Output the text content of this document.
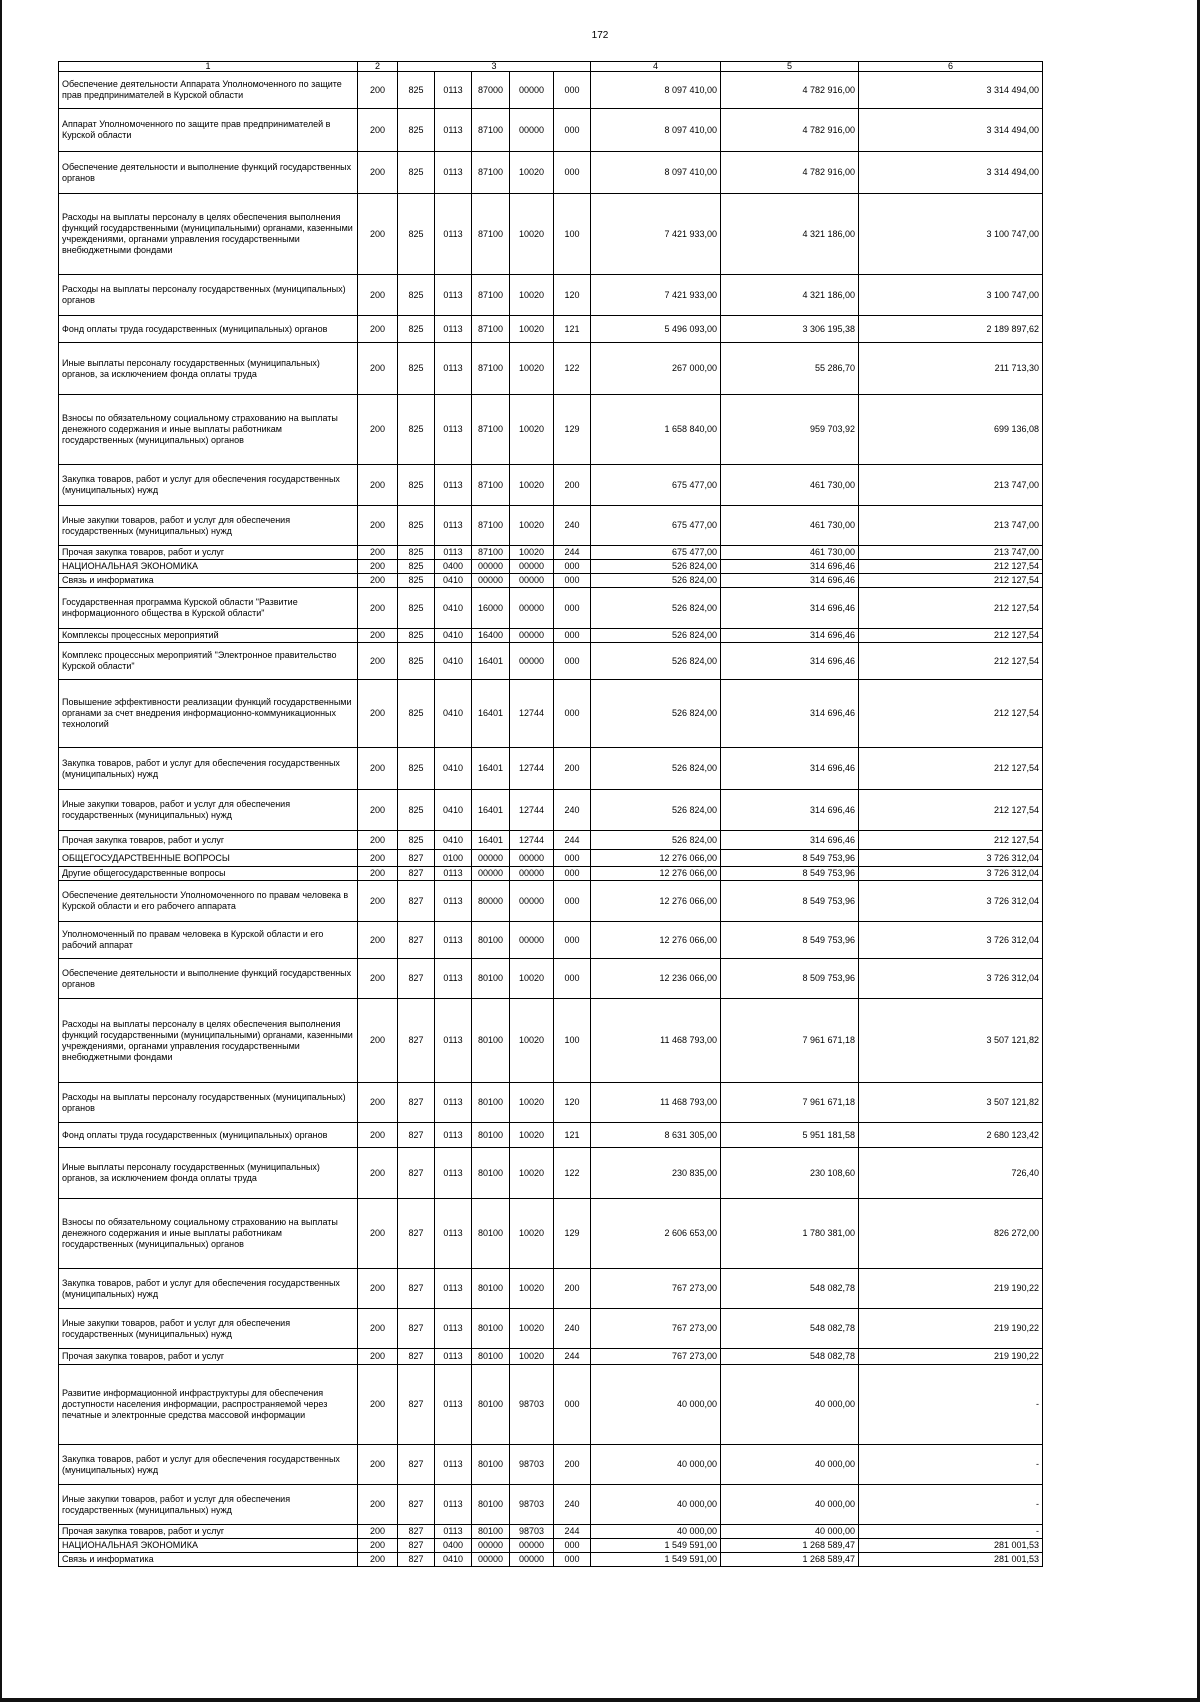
172
1	2	3					4	5	6
Обеспечение деятельности Аппарата Уполномоченного по защите прав предпринимателей в Курской области	200	825	0113	87000	00000	000	8 097 410,00	4 782 916,00	3 314 494,00
Аппарат Уполномоченного по защите прав предпринимателей в Курской области	200	825	0113	87100	00000	000	8 097 410,00	4 782 916,00	3 314 494,00
Обеспечение деятельности и выполнение функций государственных органов	200	825	0113	87100	10020	000	8 097 410,00	4 782 916,00	3 314 494,00
Расходы на выплаты персоналу в целях обеспечения выполнения функций государственными (муниципальными) органами, казенными учреждениями, органами управления государственными внебюджетными фондами	200	825	0113	87100	10020	100	7 421 933,00	4 321 186,00	3 100 747,00
Расходы на выплаты персоналу государственных (муниципальных) органов	200	825	0113	87100	10020	120	7 421 933,00	4 321 186,00	3 100 747,00
Фонд оплаты труда государственных (муниципальных) органов	200	825	0113	87100	10020	121	5 496 093,00	3 306 195,38	2 189 897,62
Иные выплаты персоналу государственных (муниципальных) органов, за исключением фонда оплаты труда	200	825	0113	87100	10020	122	267 000,00	55 286,70	211 713,30
Взносы по обязательному социальному страхованию на выплаты денежного содержания и иные выплаты работникам государственных (муниципальных) органов	200	825	0113	87100	10020	129	1 658 840,00	959 703,92	699 136,08
Закупка товаров, работ и услуг для обеспечения государственных (муниципальных) нужд	200	825	0113	87100	10020	200	675 477,00	461 730,00	213 747,00
Иные закупки товаров, работ и услуг для обеспечения государственных (муниципальных) нужд	200	825	0113	87100	10020	240	675 477,00	461 730,00	213 747,00
Прочая закупка товаров, работ и услуг	200	825	0113	87100	10020	244	675 477,00	461 730,00	213 747,00
НАЦИОНАЛЬНАЯ ЭКОНОМИКА	200	825	0400	00000	00000	000	526 824,00	314 696,46	212 127,54
Связь и информатика	200	825	0410	00000	00000	000	526 824,00	314 696,46	212 127,54
Государственная программа Курской области "Развитие информационного общества в Курской области"	200	825	0410	16000	00000	000	526 824,00	314 696,46	212 127,54
Комплексы процессных мероприятий	200	825	0410	16400	00000	000	526 824,00	314 696,46	212 127,54
Комплекс процессных мероприятий "Электронное правительство Курской области"	200	825	0410	16401	00000	000	526 824,00	314 696,46	212 127,54
Повышение эффективности реализации функций государственными органами за счет внедрения информационно-коммуникационных технологий	200	825	0410	16401	12744	000	526 824,00	314 696,46	212 127,54
Закупка товаров, работ и услуг для обеспечения государственных (муниципальных) нужд	200	825	0410	16401	12744	200	526 824,00	314 696,46	212 127,54
Иные закупки товаров, работ и услуг для обеспечения государственных (муниципальных) нужд	200	825	0410	16401	12744	240	526 824,00	314 696,46	212 127,54
Прочая закупка товаров, работ и услуг	200	825	0410	16401	12744	244	526 824,00	314 696,46	212 127,54
ОБЩЕГОСУДАРСТВЕННЫЕ ВОПРОСЫ	200	827	0100	00000	00000	000	12 276 066,00	8 549 753,96	3 726 312,04
Другие общегосударственные вопросы	200	827	0113	00000	00000	000	12 276 066,00	8 549 753,96	3 726 312,04
Обеспечение деятельности Уполномоченного по правам человека в Курской области и его рабочего аппарата	200	827	0113	80000	00000	000	12 276 066,00	8 549 753,96	3 726 312,04
Уполномоченный по правам человека в Курской области и его рабочий аппарат	200	827	0113	80100	00000	000	12 276 066,00	8 549 753,96	3 726 312,04
Обеспечение деятельности и выполнение функций государственных органов	200	827	0113	80100	10020	000	12 236 066,00	8 509 753,96	3 726 312,04
Расходы на выплаты персоналу в целях обеспечения выполнения функций государственными (муниципальными) органами, казенными учреждениями, органами управления государственными внебюджетными фондами	200	827	0113	80100	10020	100	11 468 793,00	7 961 671,18	3 507 121,82
Расходы на выплаты персоналу государственных (муниципальных) органов	200	827	0113	80100	10020	120	11 468 793,00	7 961 671,18	3 507 121,82
Фонд оплаты труда государственных (муниципальных) органов	200	827	0113	80100	10020	121	8 631 305,00	5 951 181,58	2 680 123,42
Иные выплаты персоналу государственных (муниципальных) органов, за исключением фонда оплаты труда	200	827	0113	80100	10020	122	230 835,00	230 108,60	726,40
Взносы по обязательному социальному страхованию на выплаты денежного содержания и иные выплаты работникам государственных (муниципальных) органов	200	827	0113	80100	10020	129	2 606 653,00	1 780 381,00	826 272,00
Закупка товаров, работ и услуг для обеспечения государственных (муниципальных) нужд	200	827	0113	80100	10020	200	767 273,00	548 082,78	219 190,22
Иные закупки товаров, работ и услуг для обеспечения государственных (муниципальных) нужд	200	827	0113	80100	10020	240	767 273,00	548 082,78	219 190,22
Прочая закупка товаров, работ и услуг	200	827	0113	80100	10020	244	767 273,00	548 082,78	219 190,22
Развитие информационной инфраструктуры для обеспечения доступности населения информации, распространяемой через печатные и электронные средства массовой информации	200	827	0113	80100	98703	000	40 000,00	40 000,00	-
Закупка товаров, работ и услуг для обеспечения государственных (муниципальных) нужд	200	827	0113	80100	98703	200	40 000,00	40 000,00	-
Иные закупки товаров, работ и услуг для обеспечения государственных (муниципальных) нужд	200	827	0113	80100	98703	240	40 000,00	40 000,00	-
Прочая закупка товаров, работ и услуг	200	827	0113	80100	98703	244	40 000,00	40 000,00	-
НАЦИОНАЛЬНАЯ ЭКОНОМИКА	200	827	0400	00000	00000	000	1 549 591,00	1 268 589,47	281 001,53
Связь и информатика	200	827	0410	00000	00000	000	1 549 591,00	1 268 589,47	281 001,53
